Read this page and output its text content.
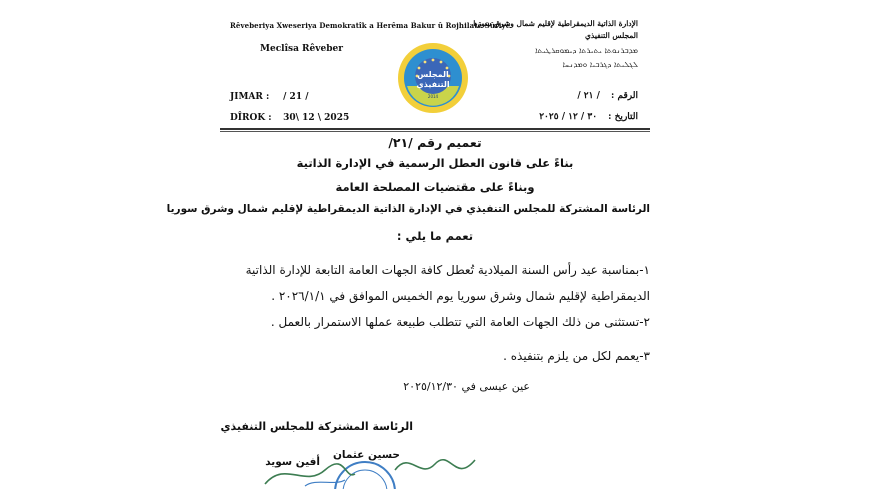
Rêveberiya Xweseriya Demokratîk a Herêma Bakur û Rojhilatê Sûriyê
Meclîsa Rêveber
JIMAR : / 21 /
DÎROK : 30\ 12 \ 2025
المجلس
التنفيذي
2014
الإدارة الذاتية الديمقراطية لإقليم شمال وشرق سوريا
المجلس التنفيذي
ܡܕܒܪܢܘܬܐ ܝܬܝܪܬܐ ܕܝܡܘܩܪܛܝܬܐ
ܠܓܠܝܬܐ ܕܓܪܒܝܐ ܘܡܕܢܚܐ
الرقم : / ٢١ /
التاريخ : ٣٠ / ١٢ / ٢٠٢٥
تعميم رقم /٢١/
بناءً على قانون العطل الرسمية في الإدارة الذاتية
وبناءً على مقتضيات المصلحة العامة
الرئاسة المشتركة للمجلس التنفيذي في الإدارة الذاتية الديمقراطية لإقليم شمال وشرق سوريا
تعمم ما يلي :
١-بمناسبة عيد رأس السنة الميلادية تُعطل كافة الجهات العامة التابعة للإدارة الذاتية
الديمقراطية لإقليم شمال وشرق سوريا يوم الخميس الموافق في ٢٠٢٦/١/١ .
٢-تستثنى من ذلك الجهات العامة التي تتطلب طبيعة عملها الاستمرار بالعمل .
٣-يعمم لكل من يلزم بتنفيذه .
عين عيسى في ٢٠٢٥/١٢/٣٠
الرئاسة المشتركة للمجلس التنفيذي
أفين سويد
حسين عثمان
